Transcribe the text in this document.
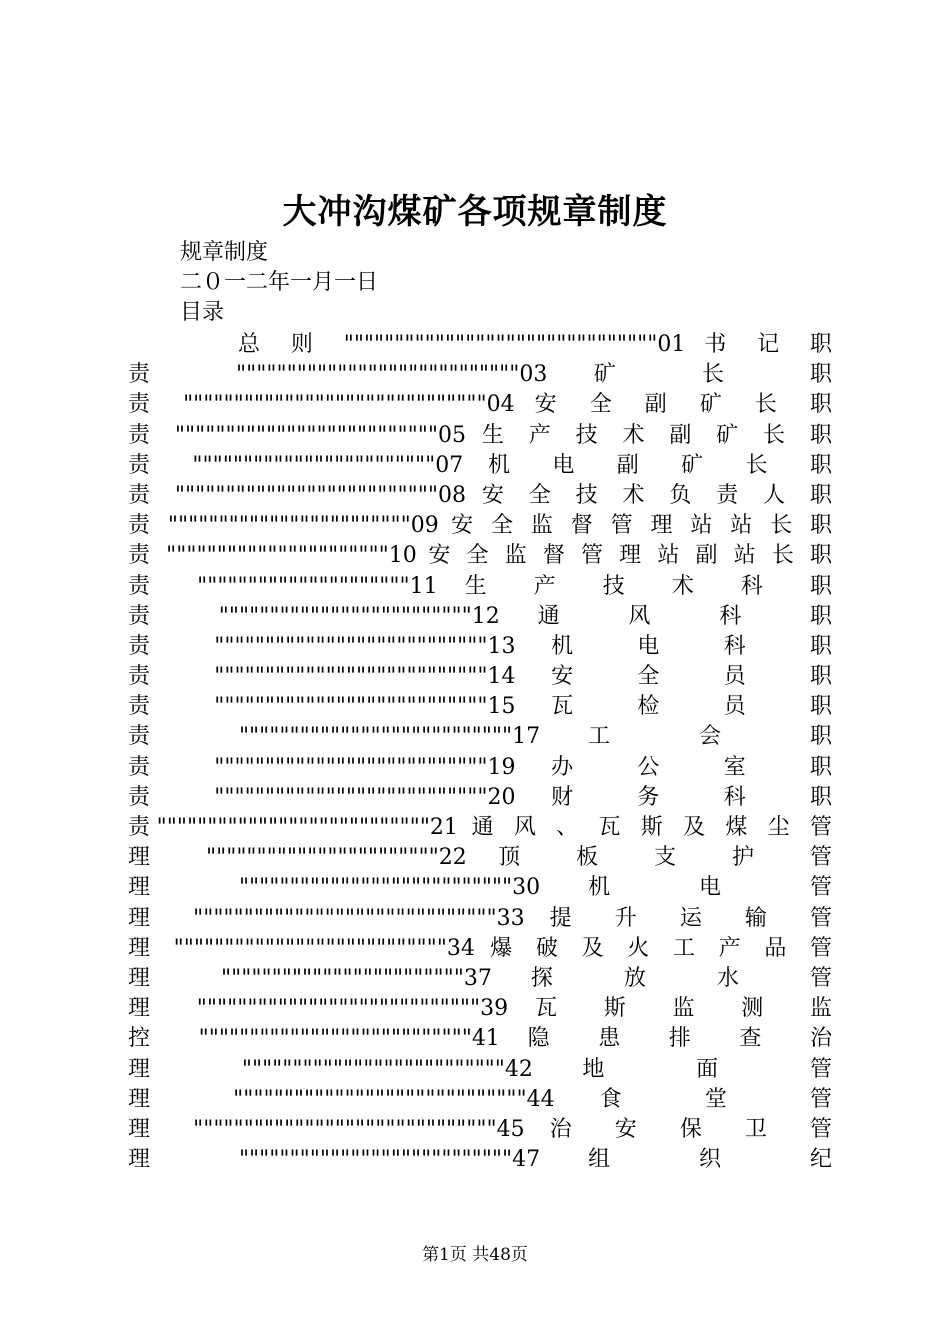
大冲沟煤矿各项规章制度
规章制度
二０一二年一月一日
目录
总 则 """""""""""""""""""""""""""""""01 书 记 职
责 """"""""""""""""""""""""""""03 矿 长 职
责 """"""""""""""""""""""""""""""04 安 全 副 矿 长 职
责 """"""""""""""""""""""""""05 生 产 技 术 副 矿 长 职
责 """"""""""""""""""""""""07 机 电 副 矿 长 职
责 """"""""""""""""""""""""""08 安 全 技 术 负 责 人 职
责 """"""""""""""""""""""""09 安 全 监 督 管 理 站 站 长 职
责 """"""""""""""""""""""10 安 全 监 督 管 理 站 副 站 长 职
责 """""""""""""""""""""11 生 产 技 术 科 职
责 """""""""""""""""""""""""12 通 风 科 职
责 """""""""""""""""""""""""""13 机 电 科 职
责 """""""""""""""""""""""""""14 安 全 员 职
责 """""""""""""""""""""""""""15 瓦 检 员 职
责 """""""""""""""""""""""""""17 工 会 职
责 """""""""""""""""""""""""""19 办 公 室 职
责 """""""""""""""""""""""""""20 财 务 科 职
责"""""""""""""""""""""""""""21 通 风 、 瓦 斯 及 煤 尘 管
理 """""""""""""""""""""""22 顶 板 支 护 管
理 """""""""""""""""""""""""""30 机 电 管
理 """"""""""""""""""""""""""""""33 提 升 运 输 管
理 """""""""""""""""""""""""""34 爆 破 及 火 工 产 品 管
理 """"""""""""""""""""""""37 探 放 水 管
理 """"""""""""""""""""""""""""39 瓦 斯 监 测 监
控 """""""""""""""""""""""""""41 隐 患 排 查 治
理 """"""""""""""""""""""""""42 地 面 管
理 """""""""""""""""""""""""""""44 食 堂 管
理 """"""""""""""""""""""""""""""45 治 安 保 卫 管
理 """""""""""""""""""""""""""47 组 织 纪
第1页 共48页
